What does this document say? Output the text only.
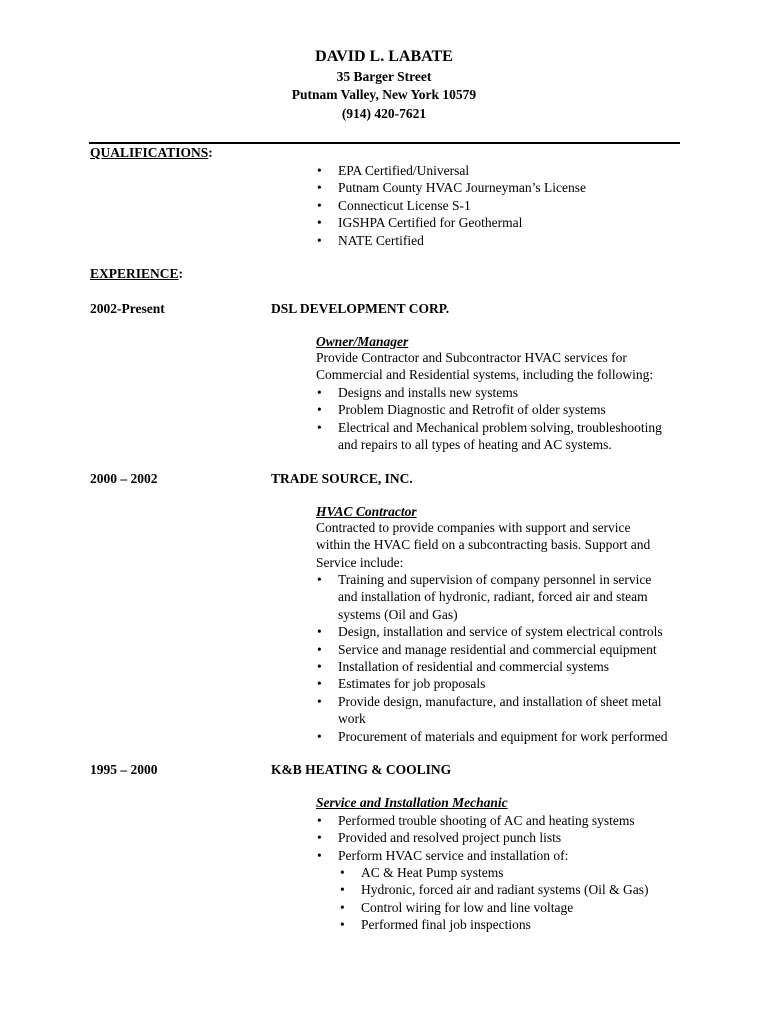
DAVID L. LABATE
35 Barger Street
Putnam Valley, New York 10579
(914) 420-7621
QUALIFICATIONS:
• EPA Certified/Universal
• Putnam County HVAC Journeyman’s License
• Connecticut License S-1
• IGSHPA Certified for Geothermal
• NATE Certified
EXPERIENCE:
2002-Present	DSL DEVELOPMENT CORP.
Owner/Manager
Provide Contractor and Subcontractor HVAC services for
Commercial and Residential systems, including the following:
• Designs and installs new systems
• Problem Diagnostic and Retrofit of older systems
• Electrical and Mechanical problem solving, troubleshooting
and repairs to all types of heating and AC systems.
2000 – 2002	TRADE SOURCE, INC.
HVAC Contractor
Contracted to provide companies with support and service
within the HVAC field on a subcontracting basis. Support and
Service include:
• Training and supervision of company personnel in service
and installation of hydronic, radiant, forced air and steam
systems (Oil and Gas)
• Design, installation and service of system electrical controls
• Service and manage residential and commercial equipment
• Installation of residential and commercial systems
• Estimates for job proposals
• Provide design, manufacture, and installation of sheet metal
work
• Procurement of materials and equipment for work performed
1995 – 2000	K&B HEATING & COOLING
Service and Installation Mechanic
• Performed trouble shooting of AC and heating systems
• Provided and resolved project punch lists
• Perform HVAC service and installation of:
• AC & Heat Pump systems
• Hydronic, forced air and radiant systems (Oil & Gas)
• Control wiring for low and line voltage
• Performed final job inspections
